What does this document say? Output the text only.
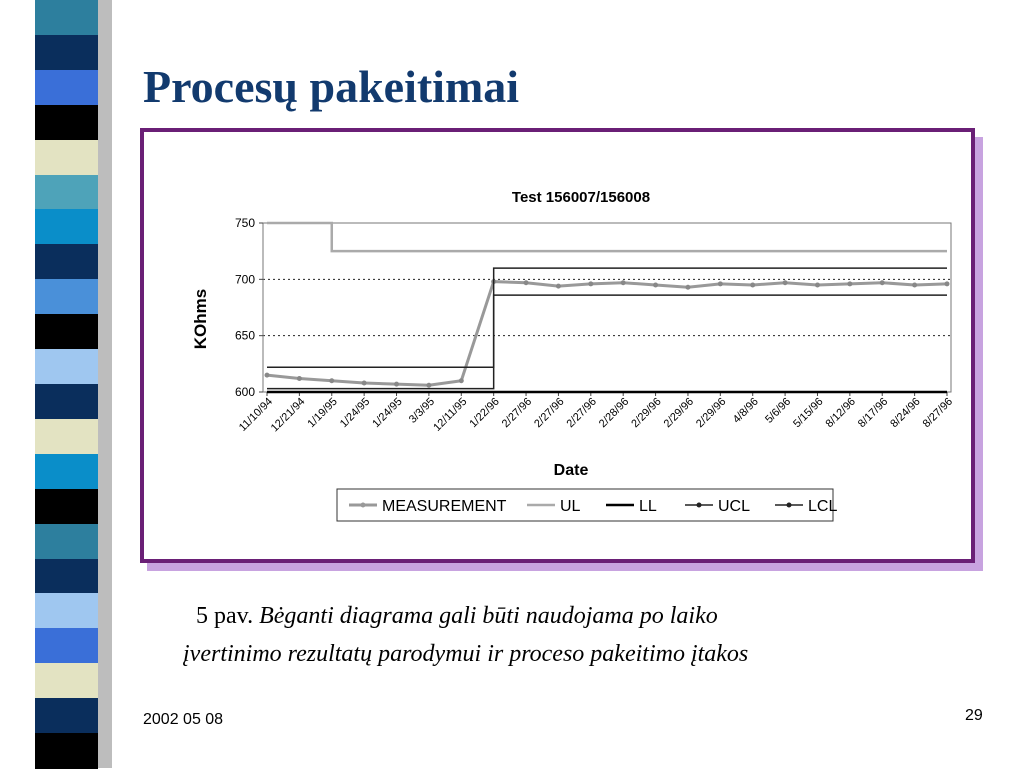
Procesų pakeitimai
Test 156007/156008
KOhms
Date
600
650
700
750
11/10/94
12/21/94
1/19/95
1/24/95
1/24/95 3/3/95
12/11/95
1/22/96
2/27/96
2/27/96
2/27/96
2/28/96
2/29/96
2/29/96
2/29/96 4/8/96 5/6/96
5/15/96
8/12/96
8/17/96
8/24/96
8/27/96
MEASUREMENT	UL	LL	UCL	LCL
5 pav. Bėganti diagrama gali būti naudojama po laiko
įvertinimo rezultatų parodymui ir proceso pakeitimo įtakos
2002 05 08	29
